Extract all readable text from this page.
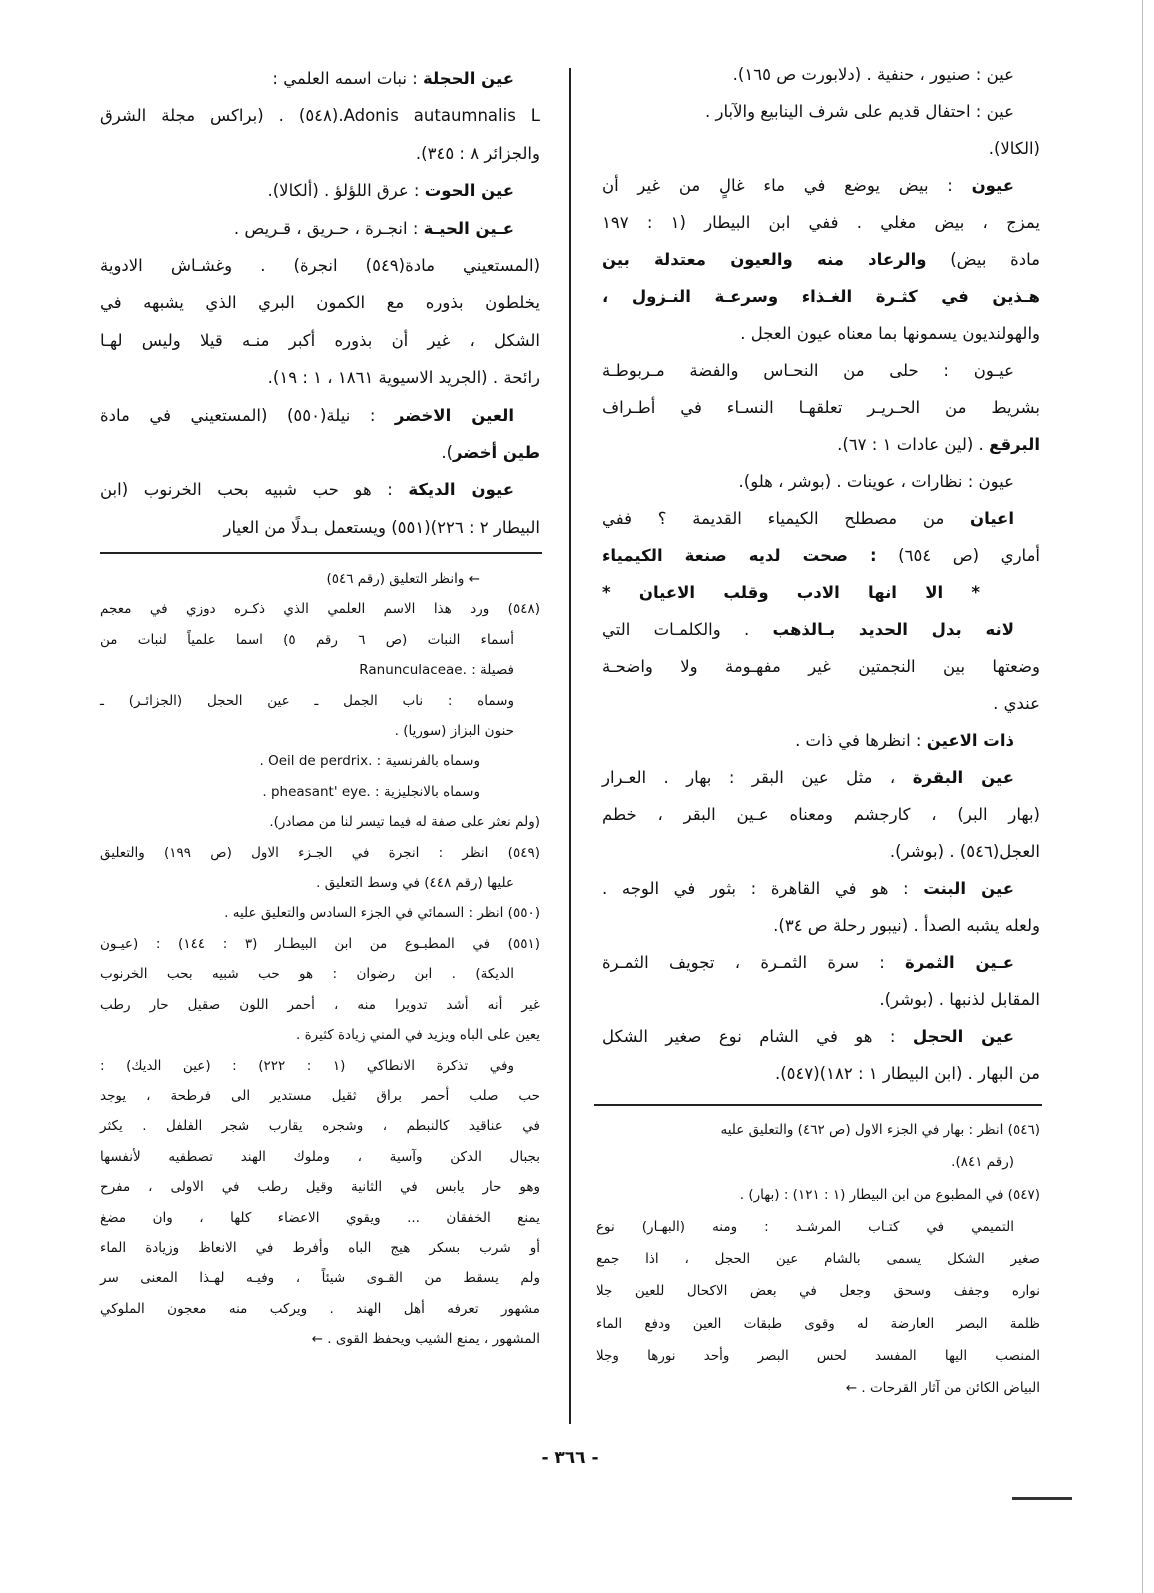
عين : صنيور ، حنفية . (دلابورت ص ١٦٥).
عين : احتفال قديم على شرف الينابيع والآبار .
(الكالا).
عيون : بيض يوضع في ماء غالٍ من غير أن
يمزج ، بيض مغلي . ففي ابن البيطار (١ : ١٩٧
مادة بيض) والرعاد منه والعيون معتدلة بين
هـذين في كثـرة الغـذاء وسرعـة النـزول ،
والهولنديون يسمونها بما معناه عيون العجل .
عيـون : حلى من النحـاس والفضة مـربوطـة
بشريط من الحـريـر تعلقهـا النسـاء في أطـراف
البرقع . (لين عادات ١ : ٦٧).
عيون : نظارات ، عوينات . (بوشر ، هلو).
اعيان من مصطلح الكيمياء القديمة ؟ ففي
أماري (ص ٦٥٤) : صحت لديه صنعة الكيمياء
* الا انها الادب وقلب الاعيان *
لانه بدل الحديد بـالذهب . والكلمـات التي
وضعتها بين النجمتين غير مفهـومة ولا واضحـة
عندي .
ذات الاعين : انظرها في ذات .
عين البقرة ، مثل عين البقر : بهار . العـرار
(بهار البر) ، كارجشم ومعناه عـين البقر ، خطم
العجل(٥٤٦) . (بوشر).
عين البنت : هو في القاهرة : بثور في الوجه .
ولعله يشبه الصدأ . (نيبور رحلة ص ٣٤).
عـين الثمرة : سرة الثمـرة ، تجويف الثمـرة
المقابل لذنبها . (بوشر).
عين الحجل : هو في الشام نوع صغير الشكل
من البهار . (ابن البيطار ١ : ١٨٢)(٥٤٧).
(٥٤٦) انظر : بهار في الجزء الاول (ص ٤٦٢) والتعليق عليه
(رقم ٨٤١).
(٥٤٧) في المطبوع من ابن البيطار (١ : ١٢١) : (بهار) .
التميمي في كتـاب المرشـد : ومنه (البهـار) نوع
صغير الشكل يسمى بالشام عين الحجل ، اذا جمع
نواره وجفف وسحق وجعل في بعض الاكحال للعين جلا
ظلمة البصر العارضة له وقوى طبقات العين ودفع الماء
المنصب اليها المفسد لحس البصر وأحد نورها وجلا
البياض الكائن من آثار القرحات . ←
عين الحجلة : نبات اسمه العلمي :
Adonis autaumnalis L.(٥٤٨) . (براكس مجلة الشرق
والجزائر ٨ : ٣٤٥).
عين الحوت : عرق اللؤلؤ . (ألكالا).
عـين الحيـة : انجـرة ، حـريق ، قـريص .
(المستعيني مادة(٥٤٩) انجرة) . وغشـاش الادوية
يخلطون بذوره مع الكمون البري الذي يشبهه في
الشكل ، غير أن بذوره أكبر منـه قيلا وليس لهـا
رائحة . (الجريد الاسيوية ١٨٦١ ، ١ : ١٩).
العين الاخضر : نيلة(٥٥٠) (المستعيني في مادة
طين أخضر).
عيون الديكة : هو حب شبيه بحب الخرنوب (ابن
البيطار ٢ : ٢٢٦)(٥٥١) ويستعمل بـدلًا من العيار
← وانظر التعليق (رقم ٥٤٦)
(٥٤٨) ورد هذا الاسم العلمي الذي ذكـره دوزي في معجم
أسماء النبات (ص ٦ رقم ٥) اسما علمياً لنبات من
فصيلة : .Ranunculaceae
وسماه : ناب الجمل ـ عين الحجل (الجزائـر) ـ
حنون البزاز (سوريا) .
وسماه بالفرنسية : .Oeil de perdrix .
وسماه بالانجليزية : .pheasant' eye .
(ولم نعثر على صفة له فيما تيسر لنا من مصادر).
(٥٤٩) انظر : انجرة في الجـزء الاول (ص ١٩٩) والتعليق
عليها (رقم ٤٤٨) في وسط التعليق .
(٥٥٠) انظر : السمائي في الجزء السادس والتعليق عليه .
(٥٥١) في المطبـوع من ابن البيطـار (٣ : ١٤٤) : (عيـون
الديكة) . ابن رضوان : هو حب شبيه بحب الخرنوب
غير أنه أشد تدويرا منه ، أحمر اللون صقيل حار رطب
يعين على الباه ويزيد في المني زيادة كثيرة .
وفي تذكرة الانطاكي (١ : ٢٢٢) : (عين الديك) :
حب صلب أحمر براق ثقيل مستدير الى فرطحة ، يوجد
في عناقيد كالنبطم ، وشجره يقارب شجر الفلفل . يكثر
بجبال الدكن وآسية ، وملوك الهند تصطفيه لأنفسها
وهو حار يابس في الثانية وقيل رطب في الاولى ، مفرح
يمنع الخفقان ... ويقوي الاعضاء كلها ، وان مضغ
أو شرب بسكر هيج الباه وأفرط في الانعاظ وزيادة الماء
ولم يسقط من القـوى شيئاً ، وفيـه لهـذا المعنى سر
مشهور تعرفه أهل الهند . ويركب منه معجون الملوكي
المشهور ، يمنع الشيب ويحفظ القوى . ←
- ٣٦٦ -
